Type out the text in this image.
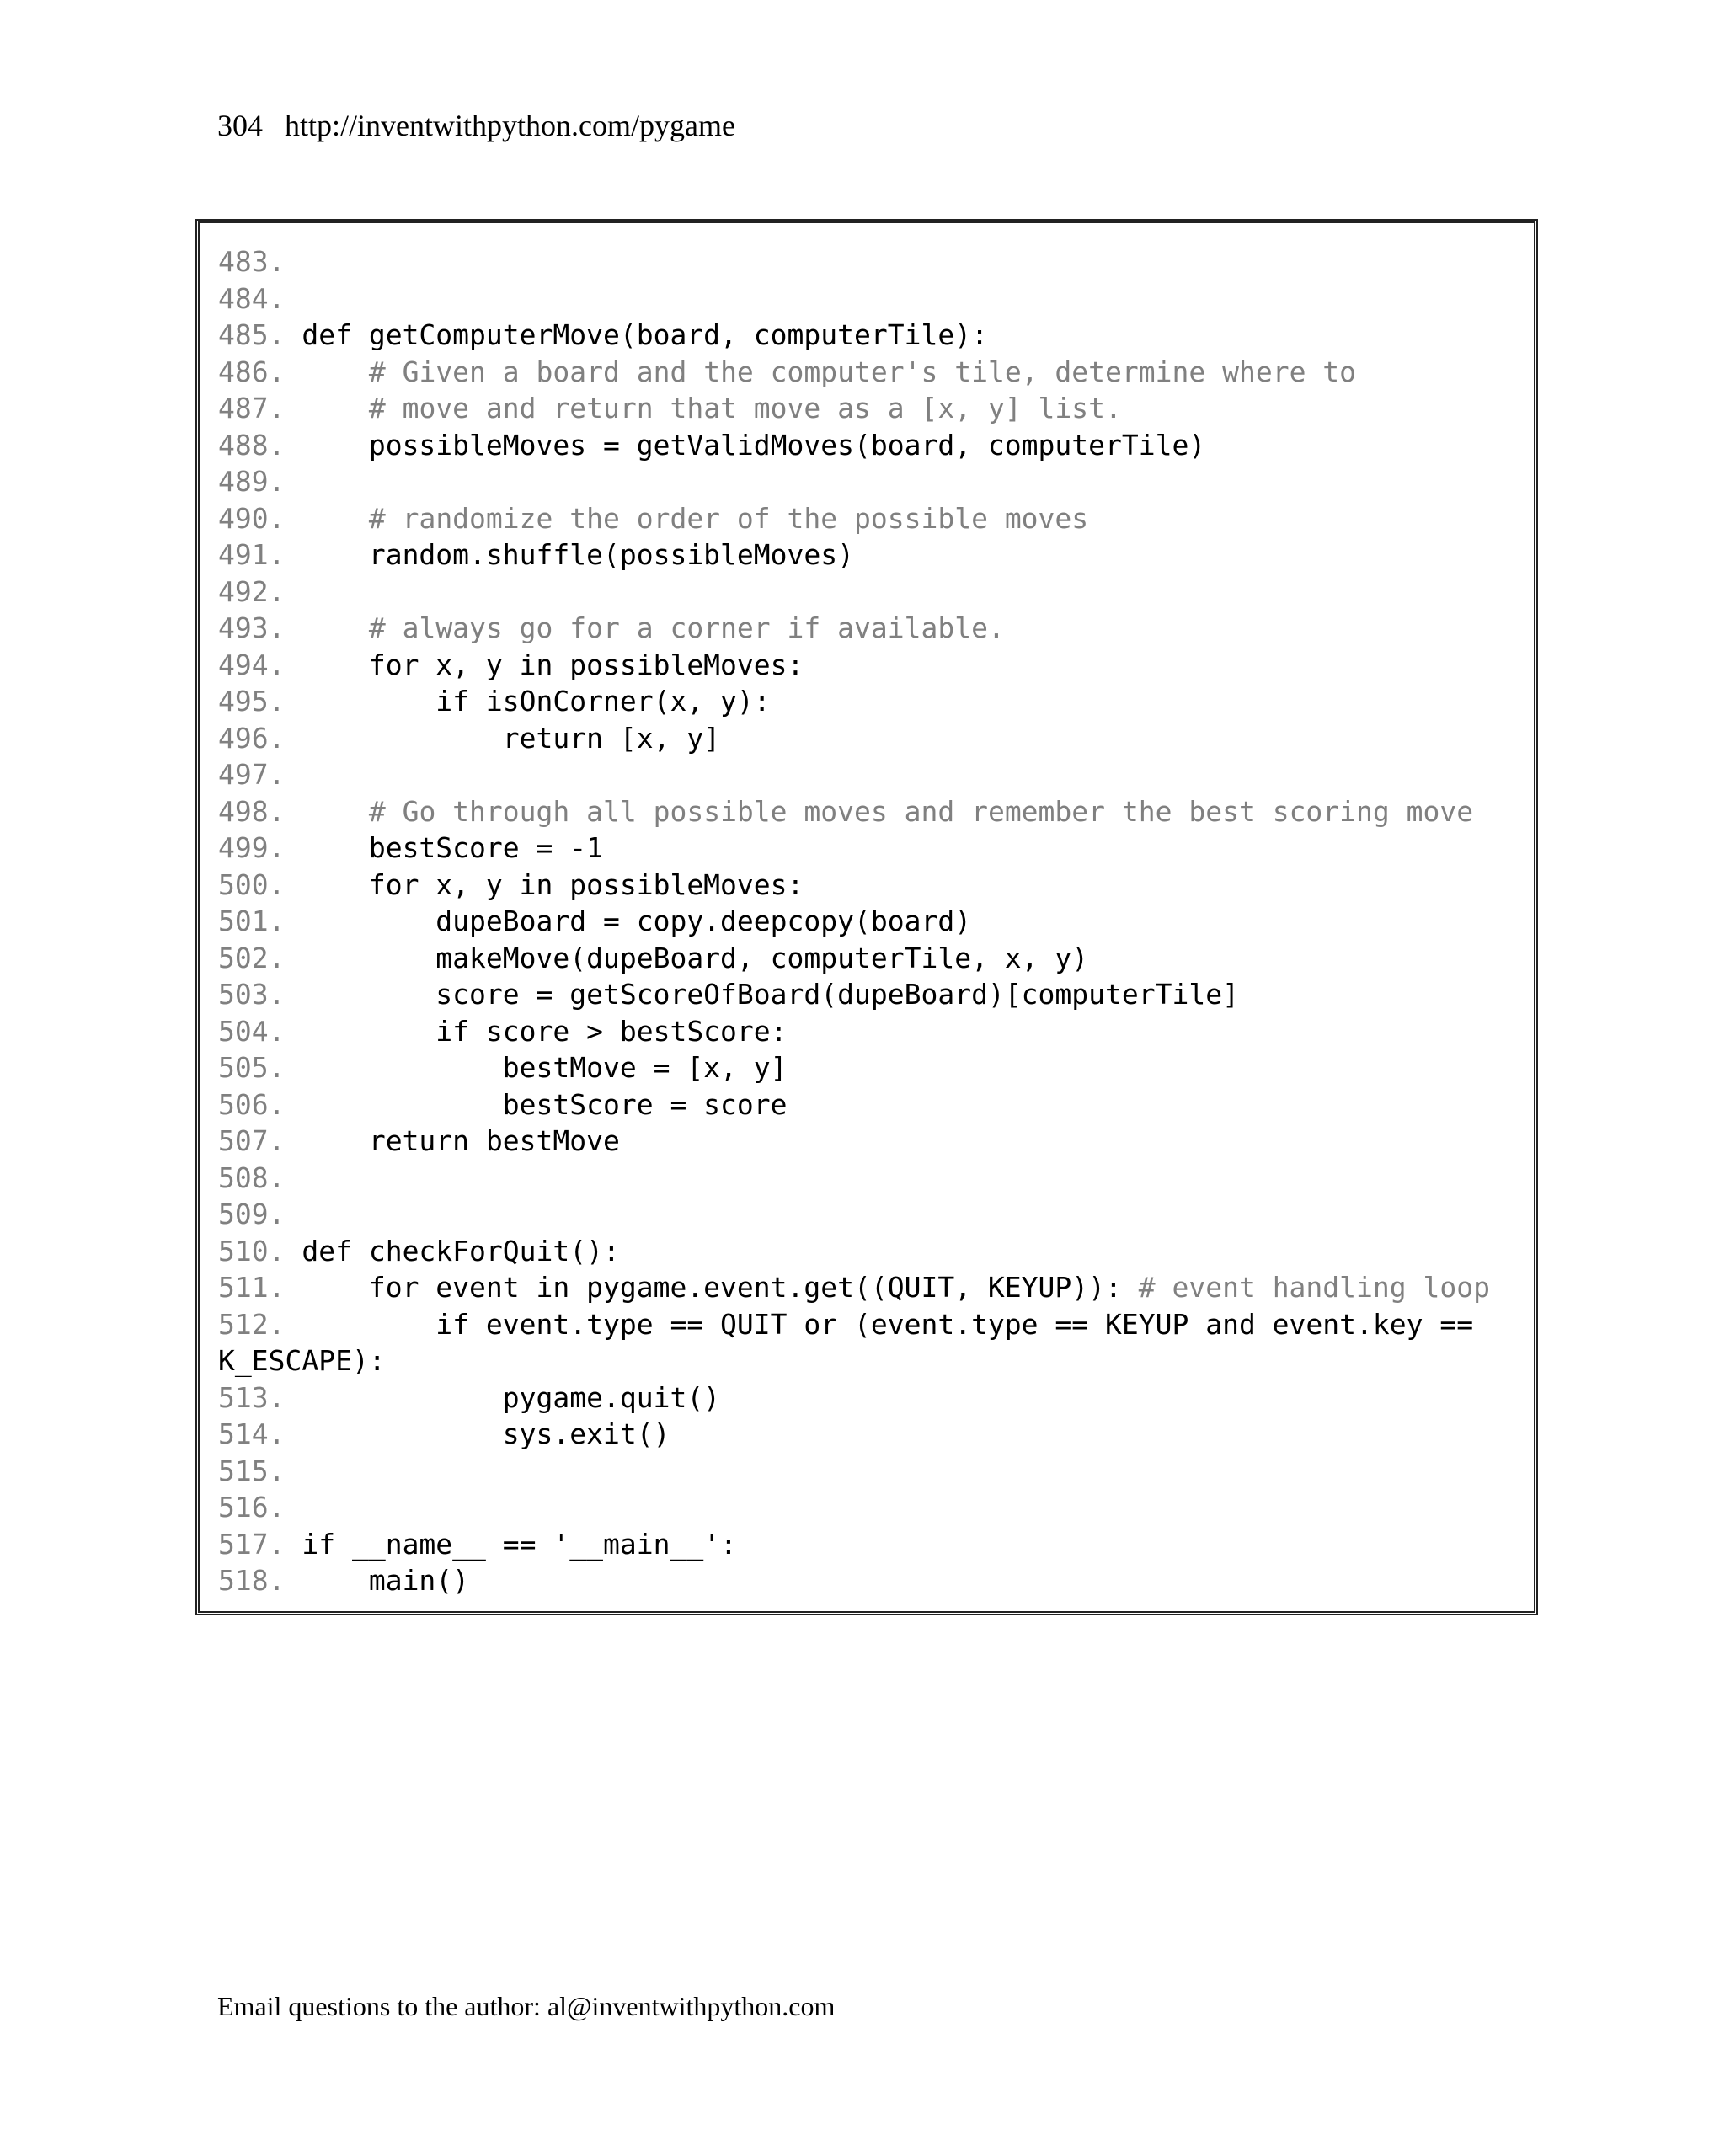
304 http://inventwithpython.com/pygame
483.
484.
485. def getComputerMove(board, computerTile):
486.	# Given a board and the computer's tile, determine where to
487.	# move and return that move as a [x, y] list.
488.     possibleMoves = getValidMoves(board, computerTile)
489.
490.	# randomize the order of the possible moves
491.     random.shuffle(possibleMoves)
492.
493.	# always go for a corner if available.
494.     for x, y in possibleMoves:
495.         if isOnCorner(x, y):
496.             return [x, y]
497.
498.	# Go through all possible moves and remember the best scoring move
499.     bestScore = -1
500.     for x, y in possibleMoves:
501.         dupeBoard = copy.deepcopy(board)
502.         makeMove(dupeBoard, computerTile, x, y)
503.         score = getScoreOfBoard(dupeBoard)[computerTile]
504.         if score > bestScore:
505.             bestMove = [x, y]
506.             bestScore = score
507.     return bestMove
508.
509.
510. def checkForQuit():
511.     for event in pygame.event.get((QUIT, KEYUP)): # event handling loop
512.         if event.type == QUIT or (event.type == KEYUP and event.key ==
K_ESCAPE):
513.             pygame.quit()
514.             sys.exit()
515.
516.
517. if __name__ == '__main__':
518.     main()
Email questions to the author: al@inventwithpython.com
